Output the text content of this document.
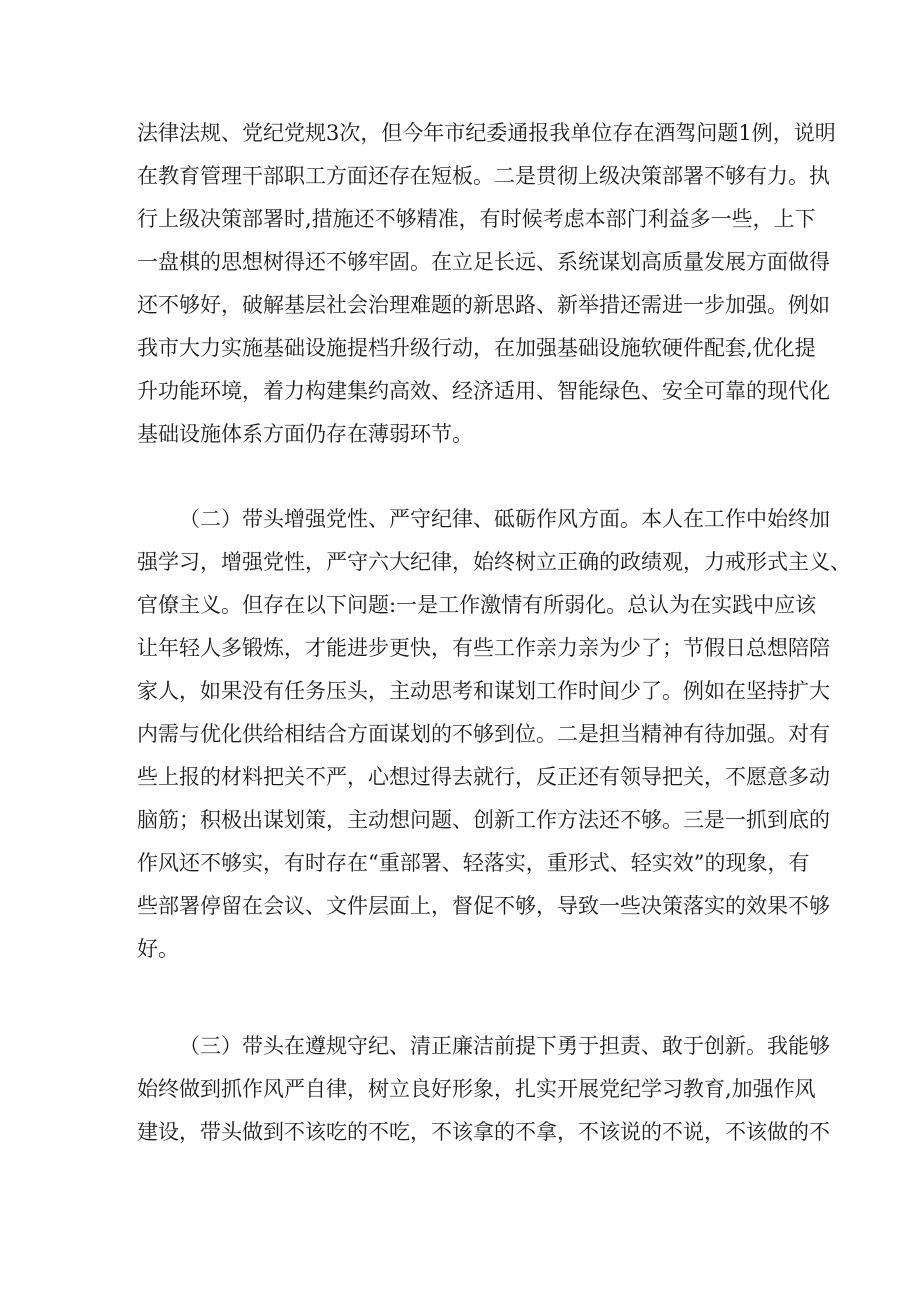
法律法规、党纪党规3次，但今年市纪委通报我单位存在酒驾问题1例，说明
在教育管理干部职工方面还存在短板。二是贯彻上级决策部署不够有力。执
行上级决策部署时,措施还不够精准，有时候考虑本部门利益多一些，上下
一盘棋的思想树得还不够牢固。在立足长远、系统谋划高质量发展方面做得
还不够好，破解基层社会治理难题的新思路、新举措还需进一步加强。例如
我市大力实施基础设施提档升级行动，在加强基础设施软硬件配套,优化提
升功能环境，着力构建集约高效、经济适用、智能绿色、安全可靠的现代化
基础设施体系方面仍存在薄弱环节。
（二）带头增强党性、严守纪律、砥砺作风方面。本人在工作中始终加
强学习，增强党性，严守六大纪律，始终树立正确的政绩观，力戒形式主义、
官僚主义。但存在以下问题:一是工作激情有所弱化。总认为在实践中应该
让年轻人多锻炼，才能进步更快，有些工作亲力亲为少了；节假日总想陪陪
家人，如果没有任务压头，主动思考和谋划工作时间少了。例如在坚持扩大
内需与优化供给相结合方面谋划的不够到位。二是担当精神有待加强。对有
些上报的材料把关不严，心想过得去就行，反正还有领导把关，不愿意多动
脑筋；积极出谋划策，主动想问题、创新工作方法还不够。三是一抓到底的
作风还不够实，有时存在“重部署、轻落实，重形式、轻实效”的现象，有
些部署停留在会议、文件层面上，督促不够，导致一些决策落实的效果不够
好。
（三）带头在遵规守纪、清正廉洁前提下勇于担责、敢于创新。我能够
始终做到抓作风严自律，树立良好形象，扎实开展党纪学习教育,加强作风
建设，带头做到不该吃的不吃，不该拿的不拿，不该说的不说，不该做的不
